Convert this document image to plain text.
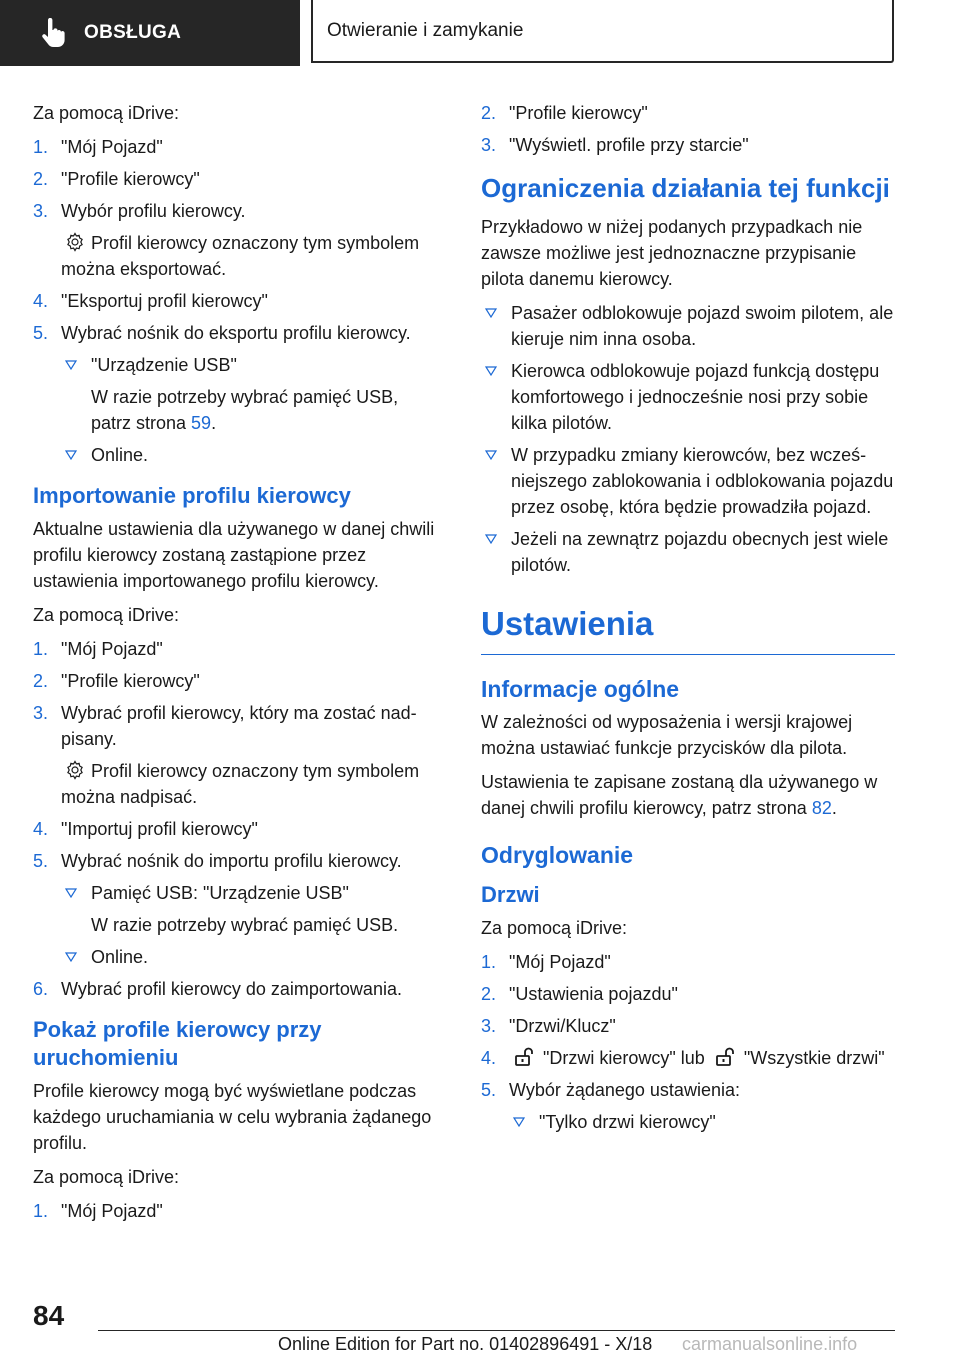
OBSŁUGA	Otwieranie i zamykanie

Za pomocą iDrive:

1. "Mój Pojazd"
2. "Profile kierowcy"
3. Wybór profilu kierowcy.
Profil kierowcy oznaczony tym symbolem można eksportować.
4. "Eksportuj profil kierowcy"
5. Wybrać nośnik do eksportu profilu kierowcy.
"Urządzenie USB"
W razie potrzeby wybrać pamięć USB, patrz strona 59.
Online.
Importowanie profilu kierowcy

Aktualne ustawienia dla używanego w danej chwili profilu kierowcy zostaną zastąpione przez ustawienia importowanego profilu kierowcy.

Za pomocą iDrive:

1. "Mój Pojazd"
2. "Profile kierowcy"
3. Wybrać profil kierowcy, który ma zostać nadpisany.
Profil kierowcy oznaczony tym symbolem można nadpisać.
4. "Importuj profil kierowcy"
5. Wybrać nośnik do importu profilu kierowcy.
Pamięć USB: "Urządzenie USB"
W razie potrzeby wybrać pamięć USB.
Online.
6. Wybrać profil kierowcy do zaimportowania.
Pokaż profile kierowcy przy uruchomieniu

Profile kierowcy mogą być wyświetlane podczas każdego uruchamiania w celu wybrania żądanego profilu.

Za pomocą iDrive:

1. "Mój Pojazd"
2. "Profile kierowcy"
3. "Wyświetl. profile przy starcie"
Ograniczenia działania tej funkcji

Przykładowo w niżej podanych przypadkach nie zawsze możliwe jest jednoznaczne przypisanie pilota danemu kierowcy.

Pasażer odblokowuje pojazd swoim pilotem, ale kieruje nim inna osoba.
Kierowca odblokowuje pojazd funkcją dostępu komfortowego i jednocześnie nosi przy sobie kilka pilotów.
W przypadku zmiany kierowców, bez wcześniejszego zablokowania i odblokowania pojazdu przez osobę, która będzie prowadziła pojazd.
Jeżeli na zewnątrz pojazdu obecnych jest wiele pilotów.
Ustawienia
Informacje ogólne

W zależności od wyposażenia i wersji krajowej można ustawiać funkcje przycisków dla pilota.

Ustawienia te zapisane zostaną dla używanego w danej chwili profilu kierowcy, patrz strona 82.

Odryglowanie
Drzwi

Za pomocą iDrive:

1. "Mój Pojazd"
2. "Ustawienia pojazdu"
3. "Drzwi/Klucz"
4.	"Drzwi kierowcy" lub "Wszystkie drzwi"
5. Wybór żądanego ustawienia:
"Tylko drzwi kierowcy"
84
Online Edition for Part no. 01402896491 - X/18 carmanualsonline.info
